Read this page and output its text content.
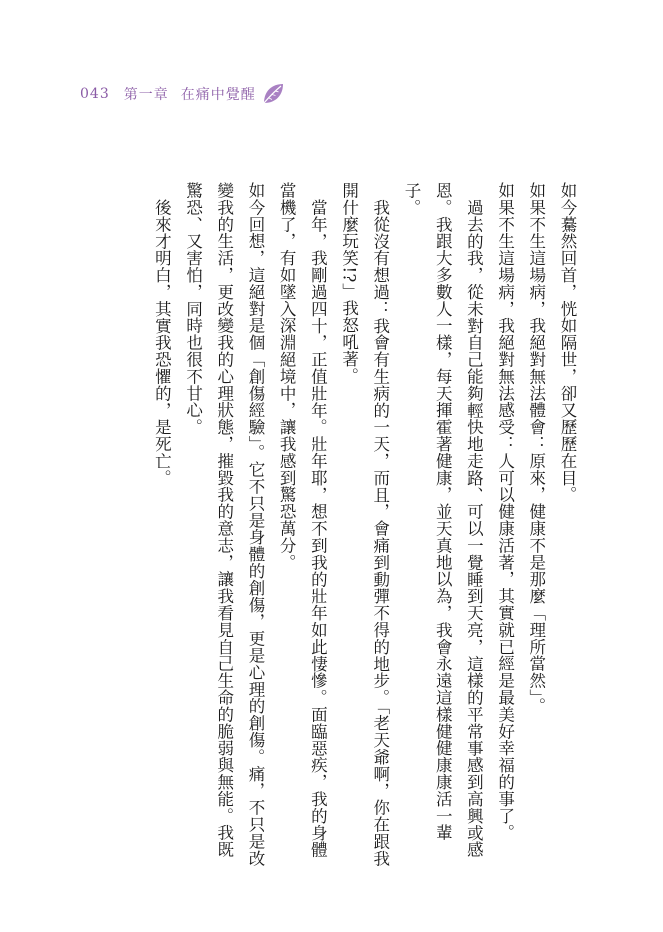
043 第一章 在痛中覺醒

如今驀然回首，恍如隔世，卻又歷歷在目。

如果不生這場病，我絕對無法體會：原來，健康不是那麼「理所當然」。

如果不生這場病，我絕對無法感受：人可以健康活著，其實就已經是最美好幸福的事了。

過去的我，從未對自己能夠輕快地走路、可以一覺睡到天亮，這樣的平常事感到高興或感恩。我跟大多數人一樣，每天揮霍著健康，並天真地以為，我會永遠這樣健健康康活一輩子。

我從沒有想過：我會有生病的一天，而且，會痛到動彈不得的地步。「老天爺啊，你在跟我開什麼玩笑!?」我怒吼著。

當年，我剛過四十，正值壯年。壯年耶，想不到我的壯年如此悽慘。面臨惡疾，我的身體當機了，有如墜入深淵絕境中，讓我感到驚恐萬分。

如今回想，這絕對是個「創傷經驗」。它不只是身體的創傷，更是心理的創傷。痛，不只是改變我的生活，更改變我的心理狀態，摧毀我的意志，讓我看見自己生命的脆弱與無能。我既驚恐、又害怕，同時也很不甘心。

後來才明白，其實我恐懼的，是死亡。
